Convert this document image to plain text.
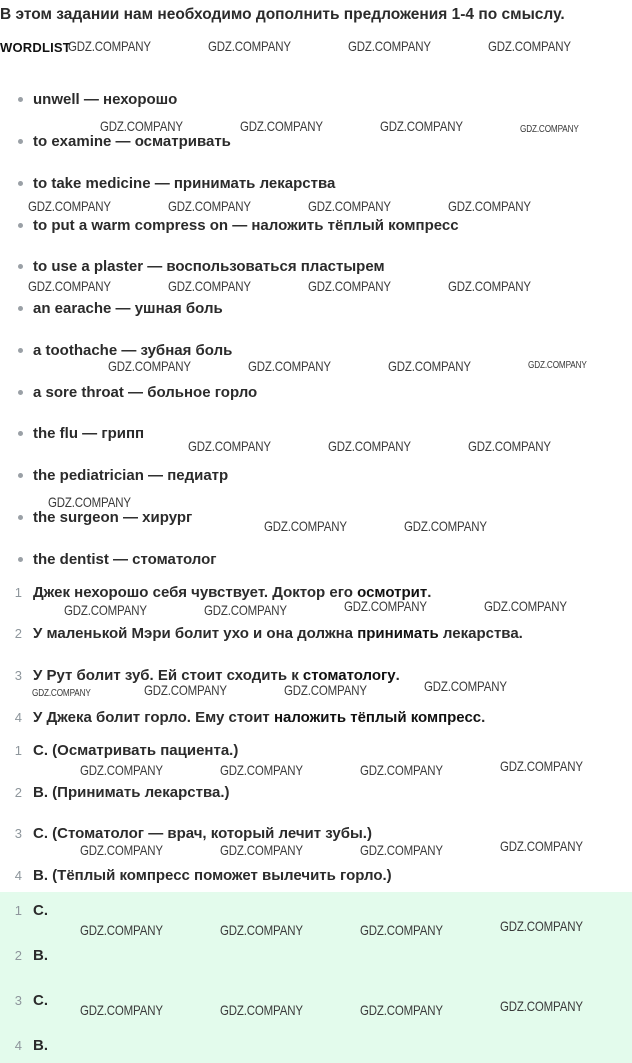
В этом задании нам необходимо дополнить предложения 1-4 по смыслу.
WORDLIST
unwell — нехорошо
to examine — осматривать
to take medicine — принимать лекарства
to put a warm compress on — наложить тёплый компресс
to use a plaster — воспользоваться пластырем
an earache — ушная боль
a toothache — зубная боль
a sore throat — больное горло
the flu — грипп
the pediatrician — педиатр
the surgeon — хирург
the dentist — стоматолог
1 Джек нехорошо себя чувствует. Доктор его осмотрит.
2 У маленькой Мэри болит ухо и она должна принимать лекарства.
3 У Рут болит зуб. Ей стоит сходить к стоматологу.
4 У Джека болит горло. Ему стоит наложить тёплый компресс.
1 C. (Осматривать пациента.)
2 B. (Принимать лекарства.)
3 C. (Стоматолог — врач, который лечит зубы.)
4 B. (Тёплый компресс поможет вылечить горло.)
1 C.
2 B.
3 C.
4 B.
GDZ.COMPANY	GDZ.COMPANY	GDZ.COMPANY	GDZ.COMPANY
GDZ.COMPANY	GDZ.COMPANY	GDZ.COMPANY	GDZ.COMPANY
GDZ.COMPANY	GDZ.COMPANY	GDZ.COMPANY	GDZ.COMPANY
GDZ.COMPANY	GDZ.COMPANY	GDZ.COMPANY	GDZ.COMPANY
GDZ.COMPANY	GDZ.COMPANY	GDZ.COMPANY	GDZ.COMPANY
GDZ.COMPANY	GDZ.COMPANY	GDZ.COMPANY
GDZ.COMPANY
GDZ.COMPANY	GDZ.COMPANY
GDZ.COMPANY	GDZ.COMPANY	GDZ.COMPANY	GDZ.COMPANY
GDZ.COMPANY	GDZ.COMPANY	GDZ.COMPANY	GDZ.COMPANY
GDZ.COMPANY	GDZ.COMPANY	GDZ.COMPANY	GDZ.COMPANY
GDZ.COMPANY	GDZ.COMPANY	GDZ.COMPANY	GDZ.COMPANY
GDZ.COMPANY	GDZ.COMPANY	GDZ.COMPANY	GDZ.COMPANY
GDZ.COMPANY	GDZ.COMPANY	GDZ.COMPANY	GDZ.COMPANY
